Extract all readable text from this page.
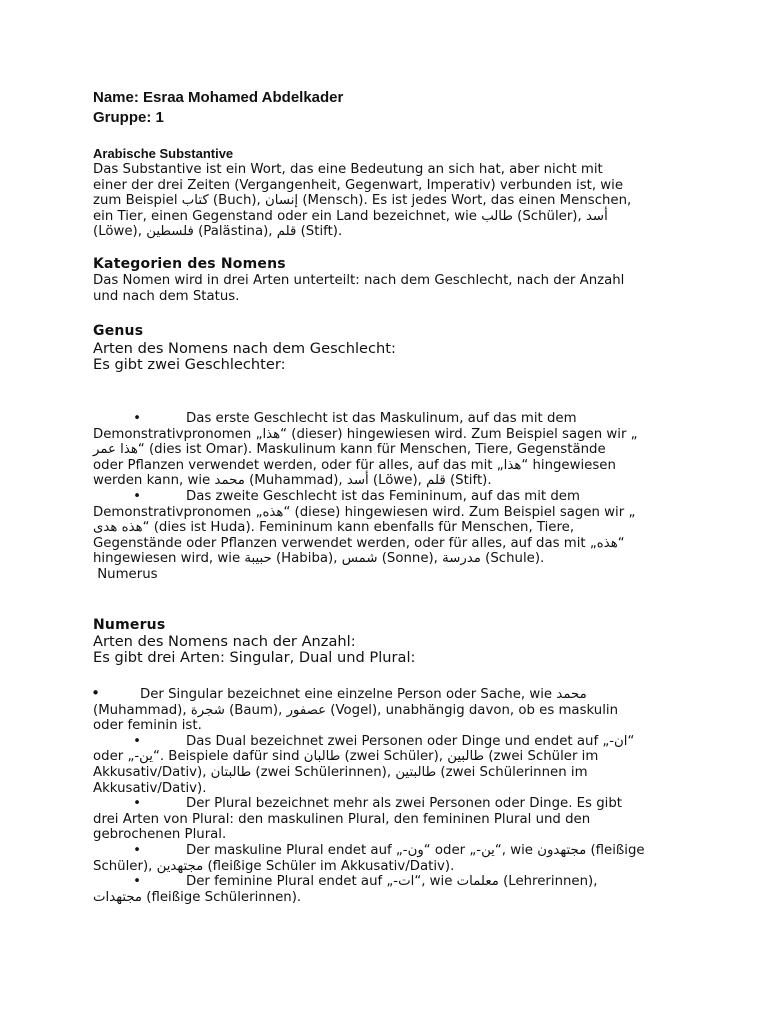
Name: Esraa Mohamed Abdelkader
Gruppe: 1
Arabische Substantive
Das Substantive ist ein Wort, das eine Bedeutung an sich hat, aber nicht mit
einer der drei Zeiten (Vergangenheit, Gegenwart, Imperativ) verbunden ist, wie
zum Beispiel كتاب (Buch), إنسان (Mensch). Es ist jedes Wort, das einen Menschen,
ein Tier, einen Gegenstand oder ein Land bezeichnet, wie طالب (Schüler), أسد
(Löwe), فلسطين (Palästina), قلم (Stift).
Kategorien des Nomens
Das Nomen wird in drei Arten unterteilt: nach dem Geschlecht, nach der Anzahl
und nach dem Status.
Genus
Arten des Nomens nach dem Geschlecht:
Es gibt zwei Geschlechter:
•	Das erste Geschlecht ist das Maskulinum, auf das mit dem
Demonstrativpronomen „هذا“ (dieser) hingewiesen wird. Zum Beispiel sagen wir „
هذا عمر“ (dies ist Omar). Maskulinum kann für Menschen, Tiere, Gegenstände
oder Pflanzen verwendet werden, oder für alles, auf das mit „هذا“ hingewiesen
werden kann, wie محمد (Muhammad), أسد (Löwe), قلم (Stift).
•	Das zweite Geschlecht ist das Femininum, auf das mit dem
Demonstrativpronomen „هذه“ (diese) hingewiesen wird. Zum Beispiel sagen wir „
هذه هدى“ (dies ist Huda). Femininum kann ebenfalls für Menschen, Tiere,
Gegenstände oder Pflanzen verwendet werden, oder für alles, auf das mit „هذه“
hingewiesen wird, wie حبيبة (Habiba), شمس (Sonne), مدرسة (Schule).
Numerus
Numerus
Arten des Nomens nach der Anzahl:
Es gibt drei Arten: Singular, Dual und Plural:
•	Der Singular bezeichnet eine einzelne Person oder Sache, wie محمد
(Muhammad), شجرة (Baum), عصفور (Vogel), unabhängig davon, ob es maskulin
oder feminin ist.
•	Das Dual bezeichnet zwei Personen oder Dinge und endet auf „-ان“
oder „-ين“. Beispiele dafür sind طالبان (zwei Schüler), طالبين (zwei Schüler im
Akkusativ/Dativ), طالبتان (zwei Schülerinnen), طالبتين (zwei Schülerinnen im
Akkusativ/Dativ).
•	Der Plural bezeichnet mehr als zwei Personen oder Dinge. Es gibt
drei Arten von Plural: den maskulinen Plural, den femininen Plural und den
gebrochenen Plural.
•	Der maskuline Plural endet auf „-ون“ oder „-ين“, wie مجتهدون (fleißige
Schüler), مجتهدين (fleißige Schüler im Akkusativ/Dativ).
•	Der feminine Plural endet auf „-ات“, wie معلمات (Lehrerinnen),
مجتهدات (fleißige Schülerinnen).
